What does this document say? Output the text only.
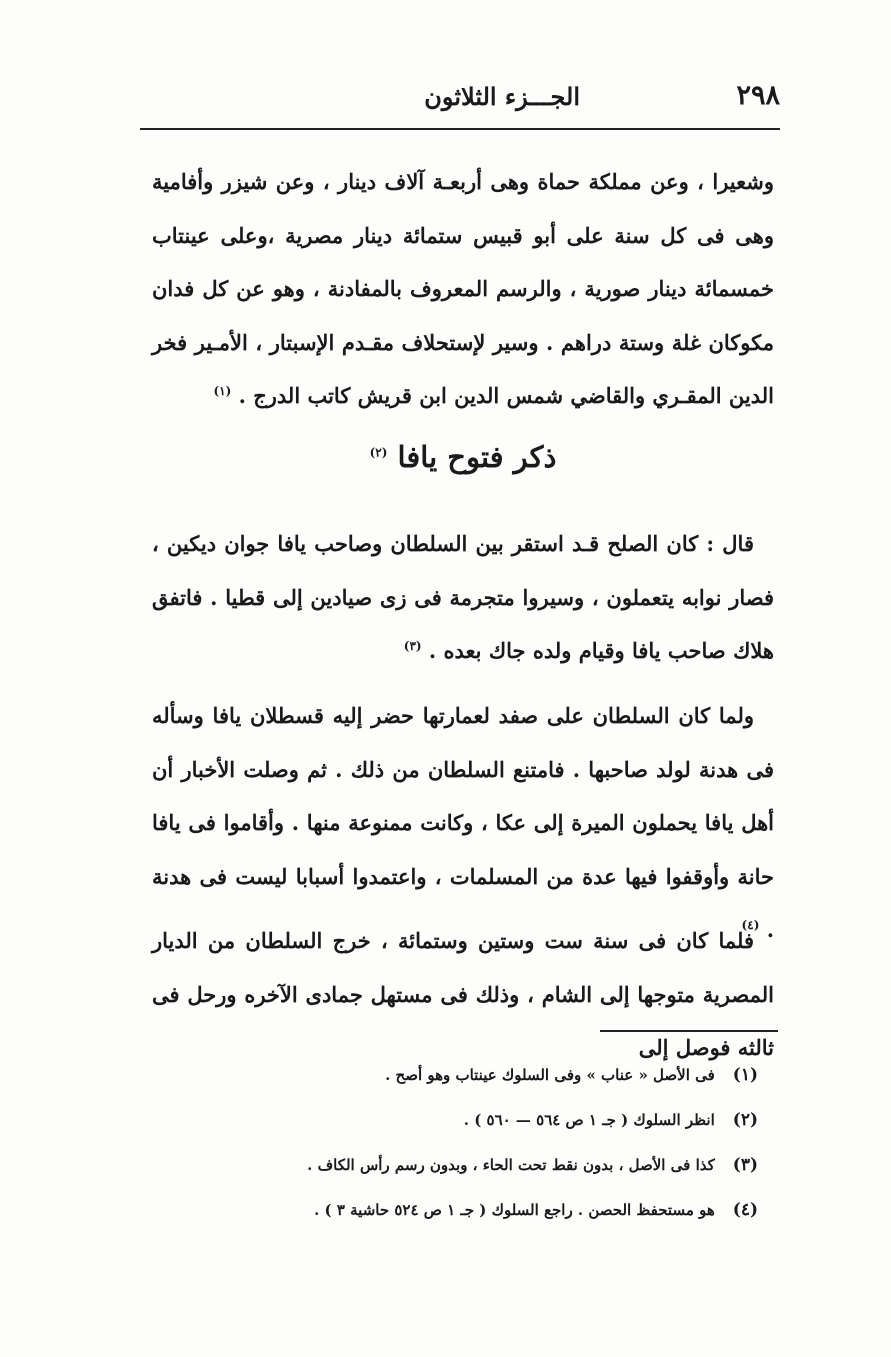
٢٩٨
الجـــزء الثلاثون
وشعيرا ، وعن مملكة حماة وهى أربعـة آلاف دينار ، وعن شيزر وأفامية وهى فى كل سنة على أبو قبيس ستمائة دينار مصرية ،وعلى عينتاب خمسمائة دينار صورية ، والرسم المعروف بالمفادنة ، وهو عن كل فدان مكوكان غلة وستة دراهم . وسير لإستحلاف مقـدم الإسبتار ، الأمـير فخر الدين المقـري والقاضي شمس الدين ابن قريش كاتب الدرج . $^{(١)}$
ذكر فتوح يافا $^{(٢)}$
قال : كان الصلح قـد استقر بين السلطان وصاحب يافا جوان ديكين ، فصار نوابه يتعملون ، وسيروا متجرمة فى زى صيادين إلى قطيا . فاتفق هلاك صاحب يافا وقيام ولده جاك بعده . $^{(٣)}$
ولما كان السلطان على صفد لعمارتها حضر إليه قسطلان يافا وسأله فى هدنة لولد صاحبها . فامتنع السلطان من ذلك . ثم وصلت الأخبار أن أهل يافا يحملون الميرة إلى عكا ، وكانت ممنوعة منها . وأقاموا فى يافا حانة وأوقفوا فيها عدة من المسلمات ، واعتمدوا أسبابا ليست فى هدنة . $^{(٤)}$
فلما كان فى سنة ست وستين وستمائة ، خرج السلطان من الديار المصرية متوجها إلى الشام ، وذلك فى مستهل جمادى الآخره ورحل فى ثالثه فوصل إلى
(١) فى الأصل « عناب » وفى السلوك عينتاب وهو أصح .
(٢) انظر السلوك ( جـ ١ ص ٥٦٤ — ٥٦٠ ) .
(٣) كذا فى الأصل ، بدون نقط تحت الحاء ، وبدون رسم رأس الكاف .
(٤) هو مستحفظ الحصن . راجع السلوك ( جـ ١ ص ٥٢٤ حاشية ٣ ) .
